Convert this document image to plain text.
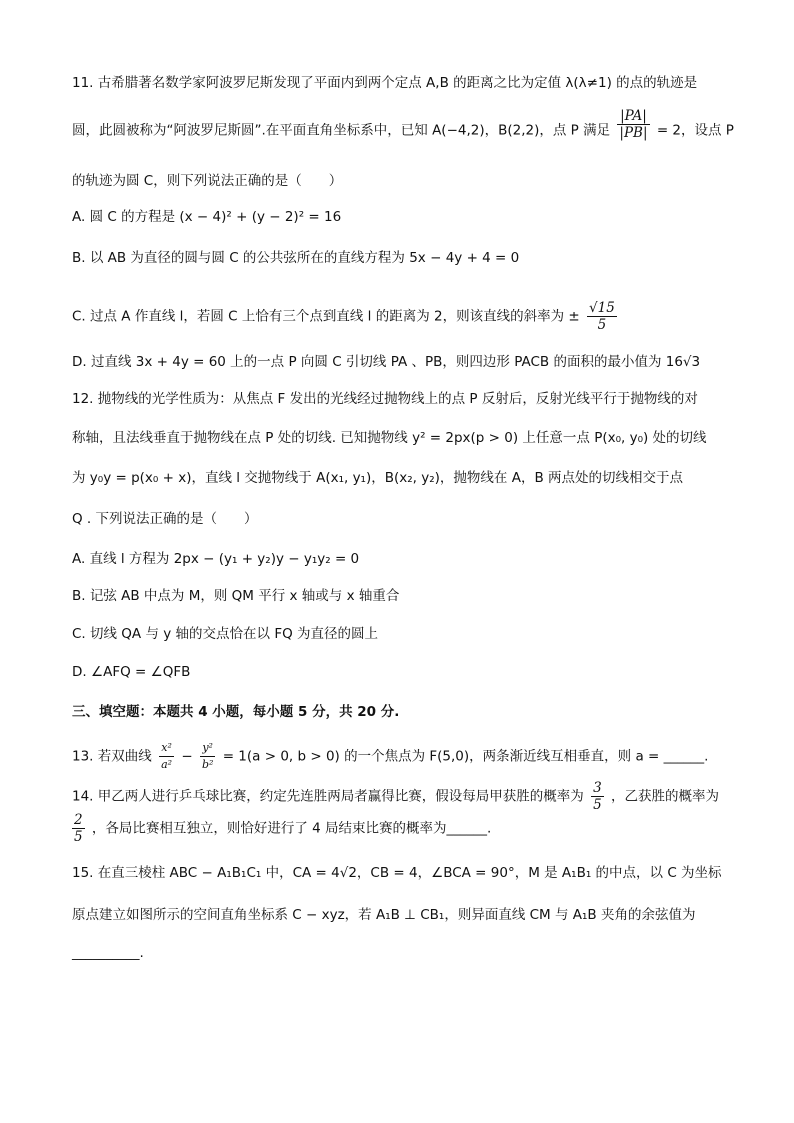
11. 古希腊著名数学家阿波罗尼斯发现了平面内到两个定点 A,B 的距离之比为定值 λ(λ≠1) 的点的轨迹是
圆，此圆被称为“阿波罗尼斯圆”.在平面直角坐标系中，已知 A(−4,2)，B(2,2)，点 P 满足 $\frac{|PA|}{|PB|} = 2$，设点 P
的轨迹为圆 C，则下列说法正确的是（　　）
A. 圆 C 的方程是 (x − 4)² + (y − 2)² = 16
B. 以 AB 为直径的圆与圆 C 的公共弦所在的直线方程为 5x − 4y + 4 = 0
C. 过点 A 作直线 l，若圆 C 上恰有三个点到直线 l 的距离为 2，则该直线的斜率为 ± $\frac{√15}{5}$
D. 过直线 3x + 4y = 60 上的一点 P 向圆 C 引切线 PA 、PB，则四边形 PACB 的面积的最小值为 16√3
12. 抛物线的光学性质为：从焦点 F 发出的光线经过抛物线上的点 P 反射后，反射光线平行于抛物线的对
称轴，且法线垂直于抛物线在点 P 处的切线. 已知抛物线 y² = 2px(p > 0) 上任意一点 P(x₀, y₀) 处的切线
为 y₀y = p(x₀ + x)，直线 l 交抛物线于 A(x₁, y₁)，B(x₂, y₂)，抛物线在 A，B 两点处的切线相交于点
Q . 下列说法正确的是（　　）
A. 直线 l 方程为 2px − (y₁ + y₂)y − y₁y₂ = 0
B. 记弦 AB 中点为 M，则 QM 平行 x 轴或与 x 轴重合
C. 切线 QA 与 y 轴的交点恰在以 FQ 为直径的圆上
D. ∠AFQ = ∠QFB
三、填空题：本题共 4 小题，每小题 5 分，共 20 分.
13. 若双曲线 $\frac{\text{x²}}{\text{a²}} - \frac{\text{y²}}{\text{b²}} = 1(a > 0$, b > 0) 的一个焦点为 F(5,0)，两条渐近线互相垂直，则 a = ______.
14. 甲乙两人进行乒乓球比赛，约定先连胜两局者赢得比赛，假设每局甲获胜的概率为 $\frac{3}{5}$ ，乙获胜的概率为
$\frac{2}{5}$ ，各局比赛相互独立，则恰好进行了 4 局结束比赛的概率为______.
15. 在直三棱柱 ABC − A₁B₁C₁ 中，CA = 4√2，CB = 4，∠BCA = 90°，M 是 A₁B₁ 的中点，以 C 为坐标
原点建立如图所示的空间直角坐标系 C − xyz，若 A₁B ⊥ CB₁，则异面直线 CM 与 A₁B 夹角的余弦值为
__________.
